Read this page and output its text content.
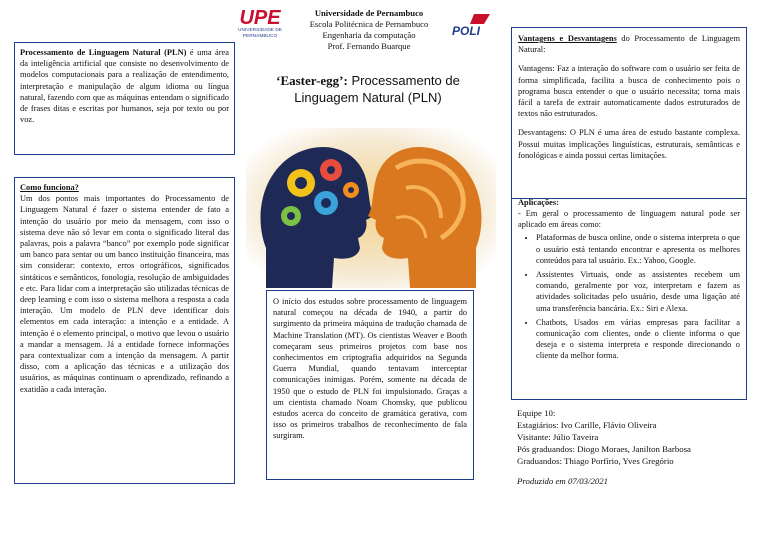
UPE
UNIVERSIDADE DE PERNAMBUCO	POLI
Universidade de Pernambuco
Escola Politécnica de Pernambuco
Engenharia da computação
Prof. Fernando Buarque
‘Easter-egg’: Processamento de Linguagem Natural (PLN)

Processamento de Linguagem Natural (PLN) é uma área da inteligência artificial que consiste no desenvolvimento de modelos computacionais para a realização de entendimento, interpretação e manipulação de algum idioma ou língua natural, fazendo com que as máquinas entendam o significado de frases ditas e escritas por humanos, seja por texto ou por voz.

Como funciona?

Um dos pontos mais importantes do Processamento de Linguagem Natural é fazer o sistema entender de fato a intenção do usuário por meio da mensagem, com isso o sistema deve não só levar em conta o significado literal das palavras, pois a palavra “banco” por exemplo pode significar um banco para sentar ou um banco instituição financeira, mas sim considerar: contexto, erros ortográficos, significados sintáticos e semânticos, fonologia, resolução de ambiguidades e etc. Para lidar com a interpretação são utilizadas técnicas de deep learning e com isso o sistema melhora a resposta a cada interação. Um modelo de PLN deve identificar dois elementos em cada interação: a intenção e a entidade. A intenção é o elemento principal, o motivo que levou o usuário a mandar a mensagem. Já a entidade fornece informações para contextualizar com a intenção da mensagem. A partir disso, com a aplicação das técnicas e a utilização dos usuários, as máquinas continuam o aprendizado, refinando a exatidão a cada interação.

O início dos estudos sobre processamento de linguagem natural começou na década de 1940, a partir do surgimento da primeira máquina de tradução chamada de Machine Translation (MT). Os cientistas Weaver e Booth começaram seus primeiros projetos com base nos conhecimentos em criptografia adquiridos na Segunda Guerra Mundial, quando tentavam interceptar comunicações inimigas. Porém, somente na década de 1950 que o estudo de PLN foi impulsionado. Graças a um cientista chamado Noam Chomsky, que publicou estudos acerca do conceito de gramática gerativa, com isso os primeiros trabalhos de reconhecimento de fala surgiram.

Vantagens e Desvantagens do Processamento de Linguagem Natural:

Vantagens: Faz a interação do software com o usuário ser feita de forma simplificada, facilita a busca de conhecimento pois o programa busca entender o que o usuário necessita; torna mais fácil a tarefa de extrair automaticamente dados estruturados de textos não estruturados.

Desvantagens: O PLN é uma área de estudo bastante complexa. Possui muitas implicações linguísticas, estruturais, semânticas e fonológicas e ainda possui certas limitações.

Aplicações:

- Em geral o processamento de linguagem natural pode ser aplicado em áreas como:

• Plataformas de busca online, onde o sistema interpreta o que o usuário está tentando encontrar e apresenta os melhores conteúdos para tal usuário. Ex.: Yahoo, Google.
• Assistentes Virtuais, onde as assistentes recebem um comando, geralmente por voz, interpretam e fazem as atividades solicitadas pelo usuário, desde uma ligação até uma transferência bancária. Ex.: Siri e Alexa.
• Chatbots, Usados em várias empresas para facilitar a comunicação com clientes, onde o cliente informa o que deseja e o sistema interpreta e responde direcionando o cliente da melhor forma.

Equipe 10:

Estagiários: Ivo Carille, Flávio Oliveira

Visitante: Júlio Taveira

Pós graduandos: Diogo Moraes, Janilton Barbosa

Graduandos: Thiago Porfírio, Yves Gregório

Produzido em 07/03/2021
